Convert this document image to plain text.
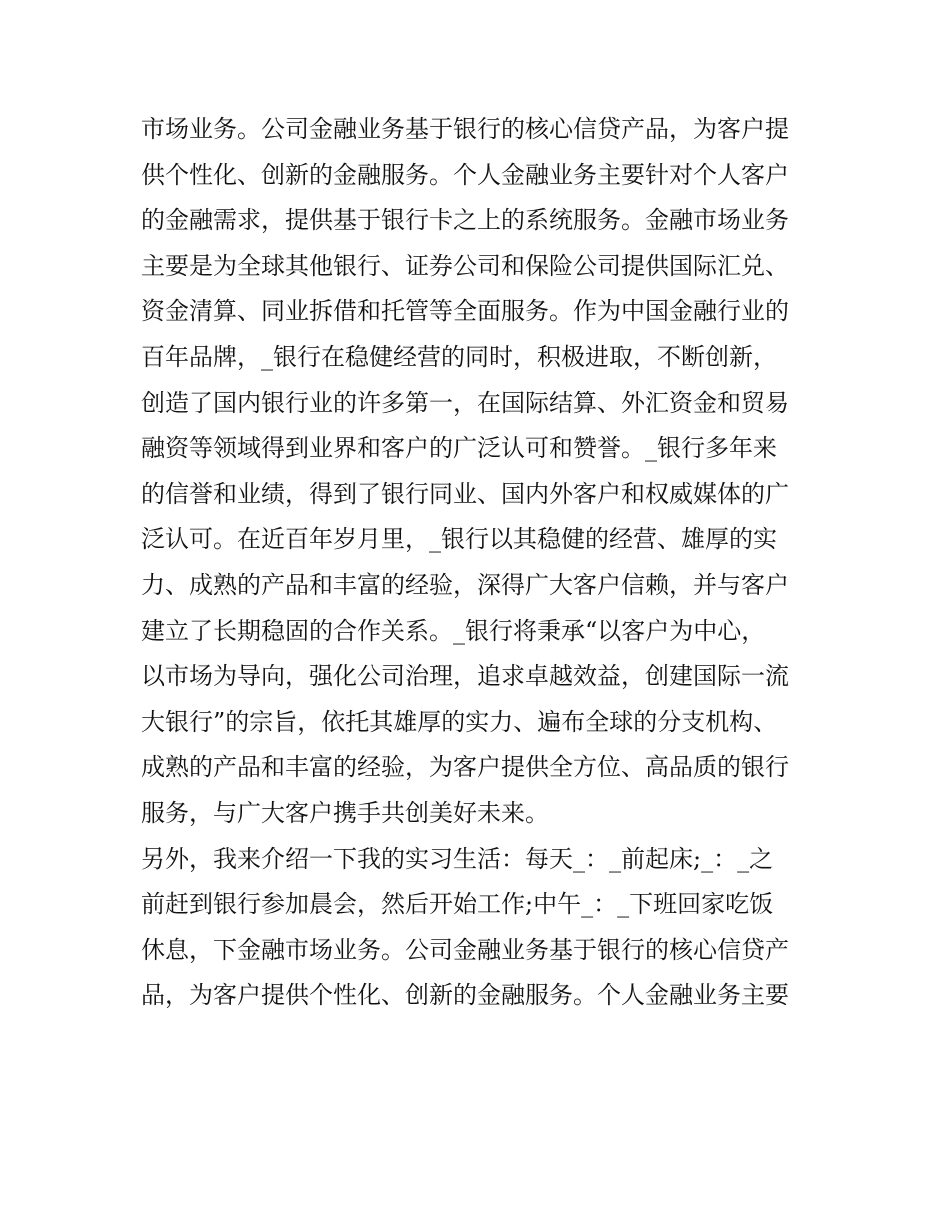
市场业务。公司金融业务基于银行的核心信贷产品，为客户提
供个性化、创新的金融服务。个人金融业务主要针对个人客户
的金融需求，提供基于银行卡之上的系统服务。金融市场业务
主要是为全球其他银行、证券公司和保险公司提供国际汇兑、
资金清算、同业拆借和托管等全面服务。作为中国金融行业的
百年品牌，_银行在稳健经营的同时，积极进取，不断创新，
创造了国内银行业的许多第一，在国际结算、外汇资金和贸易
融资等领域得到业界和客户的广泛认可和赞誉。_银行多年来
的信誉和业绩，得到了银行同业、国内外客户和权威媒体的广
泛认可。在近百年岁月里，_银行以其稳健的经营、雄厚的实
力、成熟的产品和丰富的经验，深得广大客户信赖，并与客户
建立了长期稳固的合作关系。_银行将秉承“以客户为中心，
以市场为导向，强化公司治理，追求卓越效益，创建国际一流
大银行”的宗旨，依托其雄厚的实力、遍布全球的分支机构、
成熟的产品和丰富的经验，为客户提供全方位、高品质的银行
服务，与广大客户携手共创美好未来。
另外，我来介绍一下我的实习生活：每天_：_前起床;_：_之
前赶到银行参加晨会，然后开始工作;中午_：_下班回家吃饭
休息，下金融市场业务。公司金融业务基于银行的核心信贷产
品，为客户提供个性化、创新的金融服务。个人金融业务主要
